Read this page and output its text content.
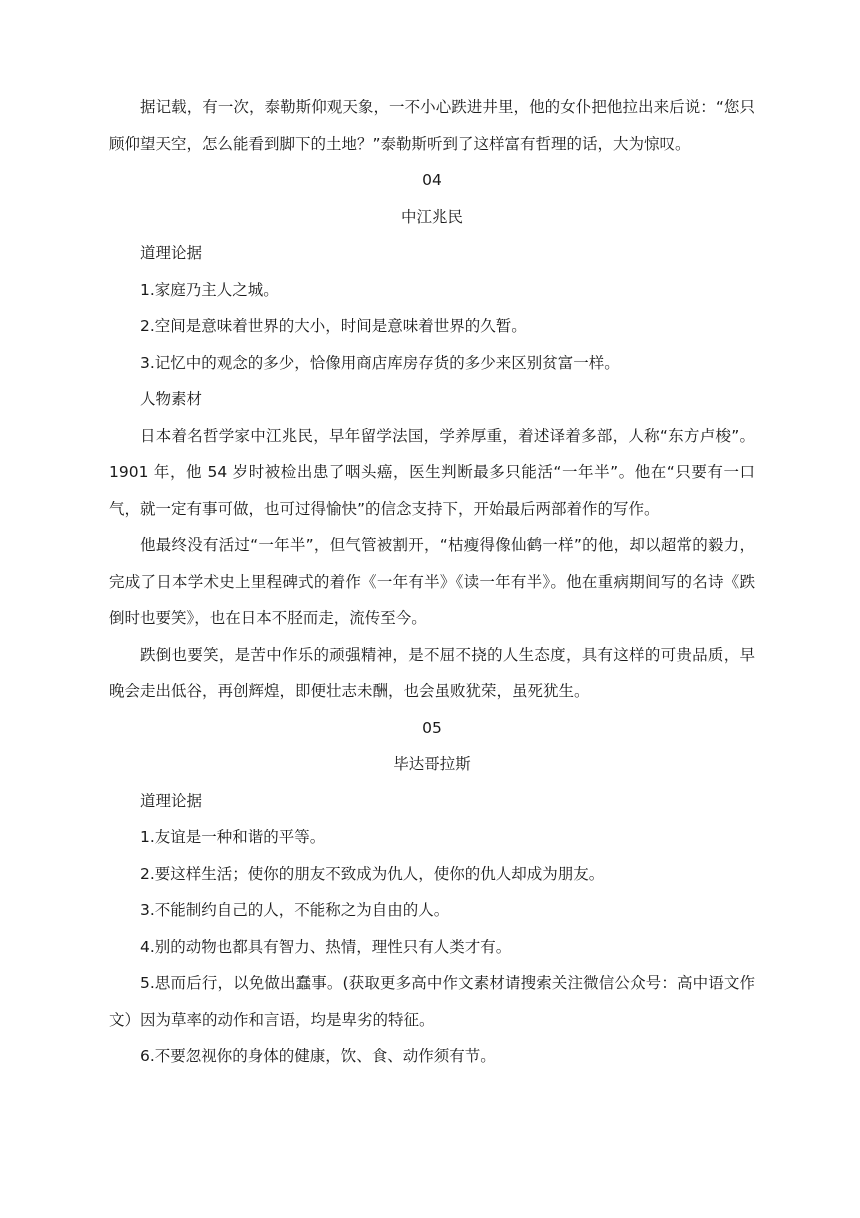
据记载，有一次，泰勒斯仰观天象，一不小心跌进井里，他的女仆把他拉出来后说：“您只顾仰望天空，怎么能看到脚下的土地？”泰勒斯听到了这样富有哲理的话，大为惊叹。

04

中江兆民

道理论据

1.家庭乃主人之城。

2.空间是意味着世界的大小，时间是意味着世界的久暂。

3.记忆中的观念的多少，恰像用商店库房存货的多少来区别贫富一样。

人物素材

日本着名哲学家中江兆民，早年留学法国，学养厚重，着述译着多部，人称“东方卢梭”。1901 年，他 54 岁时被检出患了咽头癌，医生判断最多只能活“一年半”。他在“只要有一口气，就一定有事可做，也可过得愉快”的信念支持下，开始最后两部着作的写作。

他最终没有活过“一年半”，但气管被割开，“枯瘦得像仙鹤一样”的他，却以超常的毅力，完成了日本学术史上里程碑式的着作《一年有半》《读一年有半》。他在重病期间写的名诗《跌倒时也要笑》，也在日本不胫而走，流传至今。

跌倒也要笑，是苦中作乐的顽强精神，是不屈不挠的人生态度，具有这样的可贵品质，早晚会走出低谷，再创辉煌，即便壮志未酬，也会虽败犹荣，虽死犹生。

05

毕达哥拉斯

道理论据

1.友谊是一种和谐的平等。

2.要这样生活；使你的朋友不致成为仇人，使你的仇人却成为朋友。

3.不能制约自己的人，不能称之为自由的人。

4.别的动物也都具有智力、热情，理性只有人类才有。

5.思而后行，以免做出蠢事。(获取更多高中作文素材请搜索关注微信公众号：高中语文作文）因为草率的动作和言语，均是卑劣的特征。

6.不要忽视你的身体的健康，饮、食、动作须有节。
